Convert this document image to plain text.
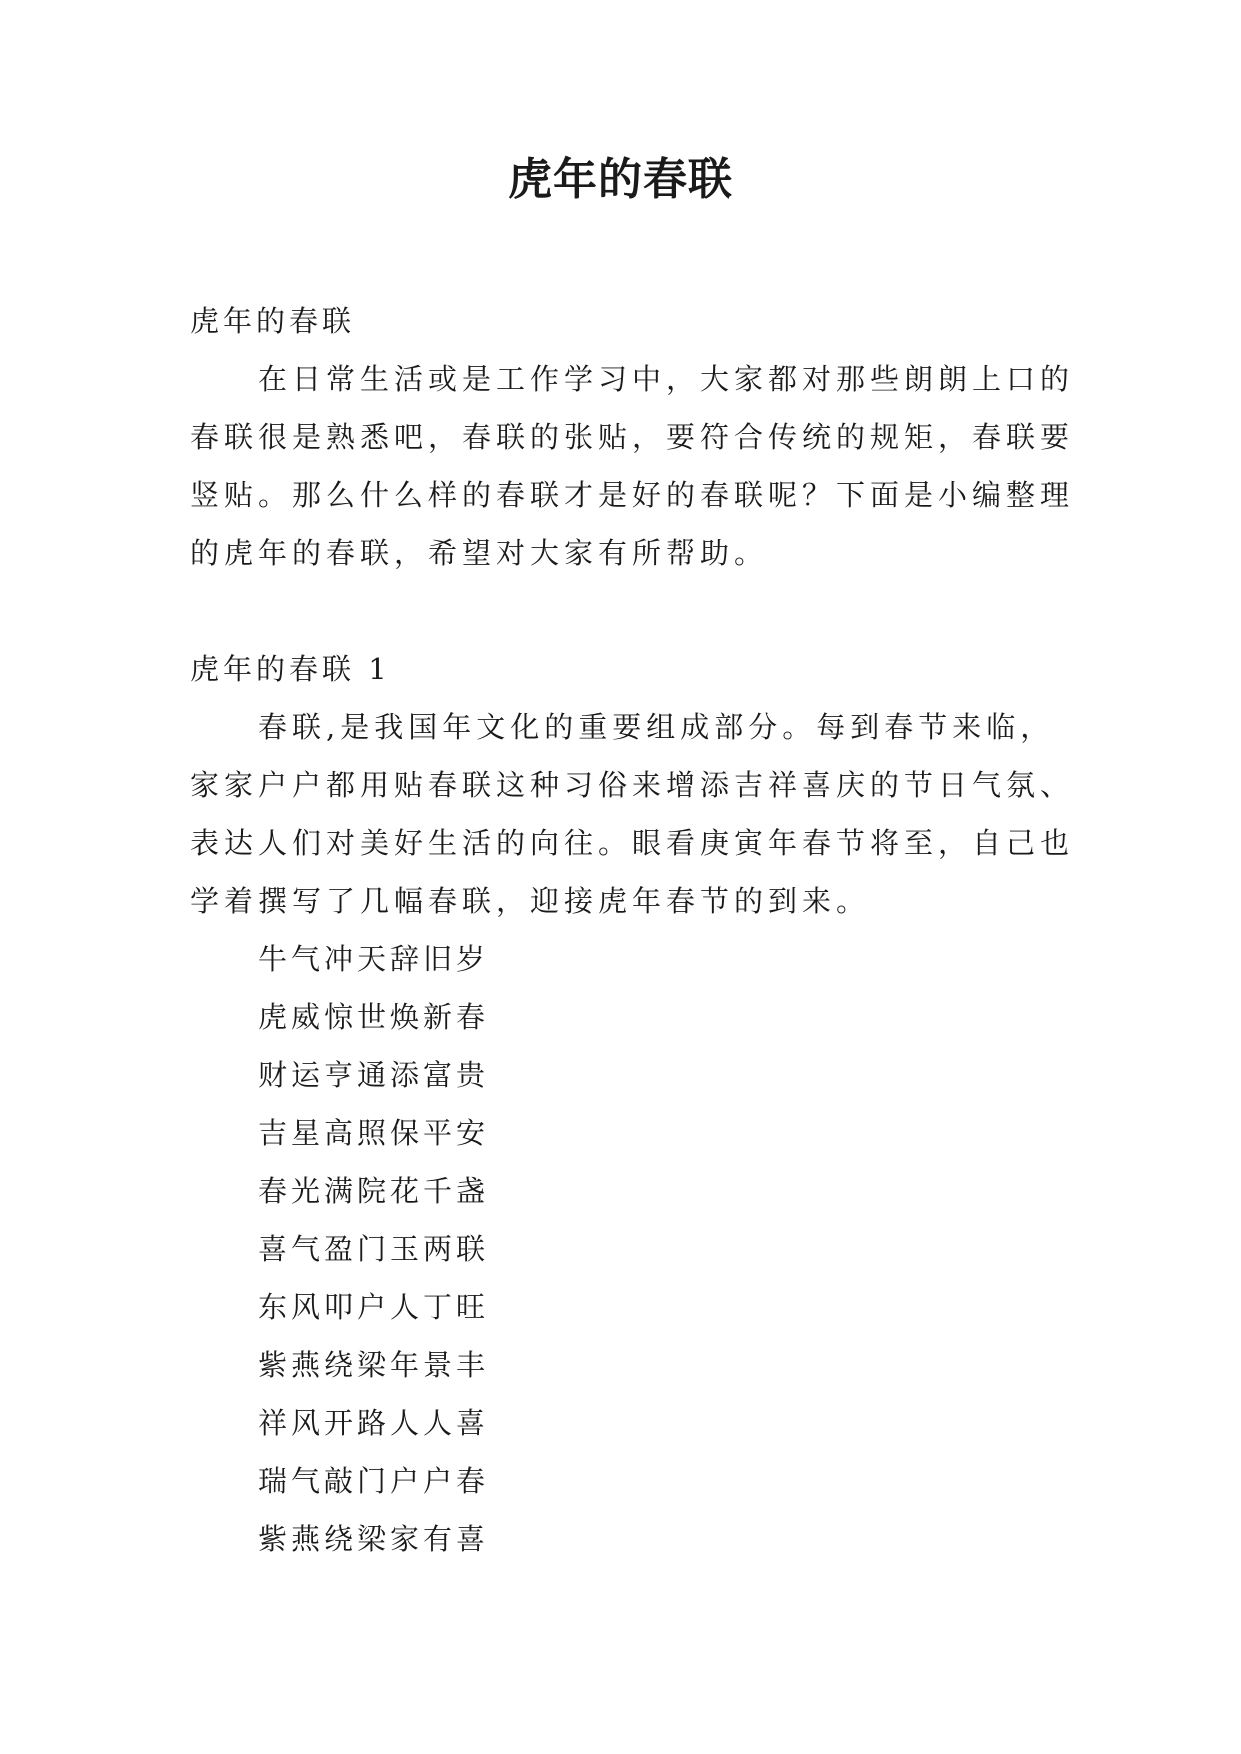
虎年的春联
虎年的春联
在日常生活或是工作学习中，大家都对那些朗朗上口的
春联很是熟悉吧，春联的张贴，要符合传统的规矩，春联要
竖贴。那么什么样的春联才是好的春联呢？下面是小编整理
的虎年的春联，希望对大家有所帮助。
虎年的春联 1
春联,是我国年文化的重要组成部分。每到春节来临，
家家户户都用贴春联这种习俗来增添吉祥喜庆的节日气氛、
表达人们对美好生活的向往。眼看庚寅年春节将至，自己也
学着撰写了几幅春联，迎接虎年春节的到来。
牛气冲天辞旧岁
虎威惊世焕新春
财运亨通添富贵
吉星高照保平安
春光满院花千盏
喜气盈门玉两联
东风叩户人丁旺
紫燕绕梁年景丰
祥风开路人人喜
瑞气敲门户户春
紫燕绕梁家有喜
